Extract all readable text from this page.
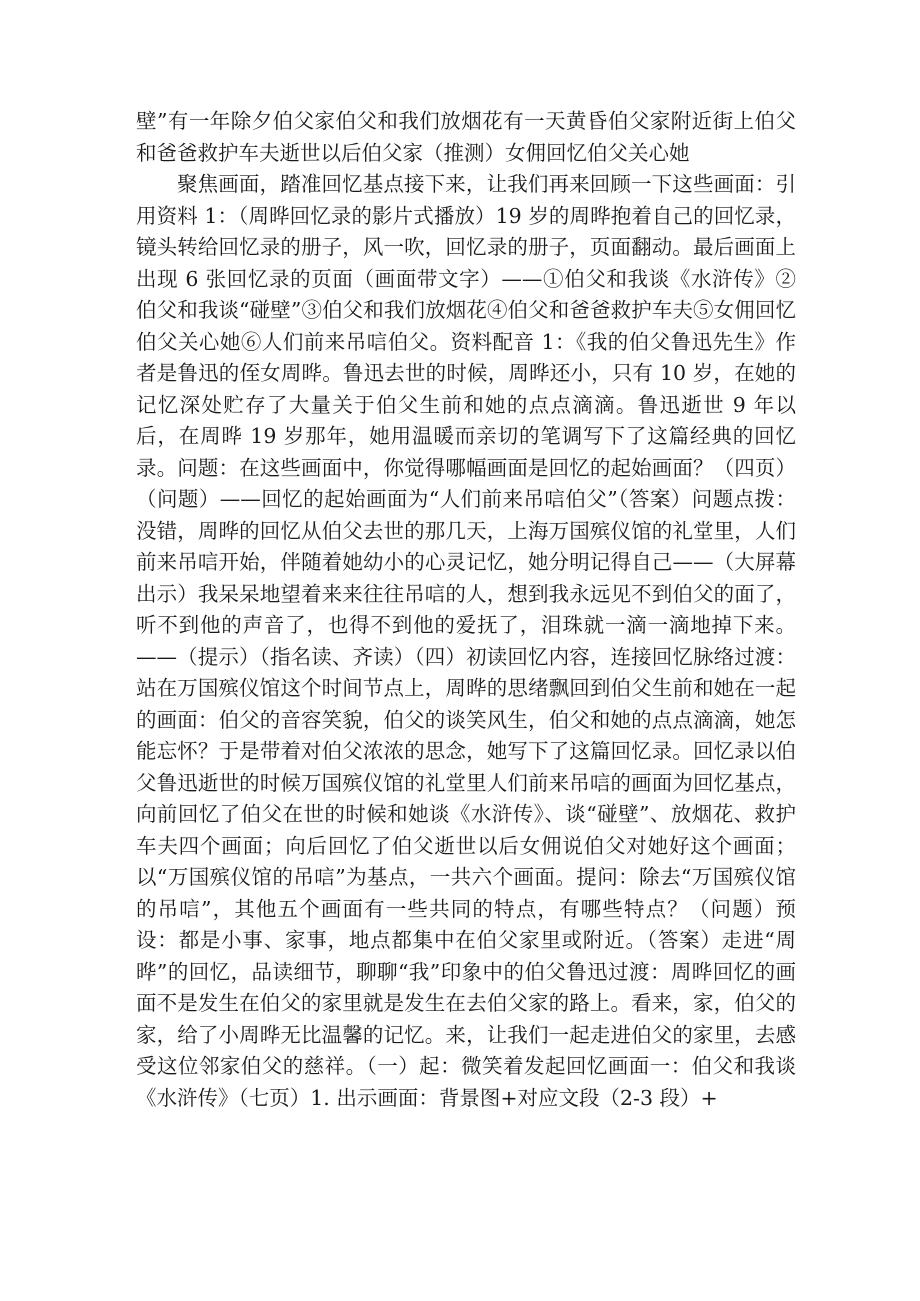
壁”有一年除夕伯父家伯父和我们放烟花有一天黄昏伯父家附近街上伯父和爸爸救护车夫逝世以后伯父家（推测）女佣回忆伯父关心她

聚焦画面，踏准回忆基点接下来，让我们再来回顾一下这些画面：引用资料 1：（周晔回忆录的影片式播放）19 岁的周晔抱着自己的回忆录，镜头转给回忆录的册子，风一吹，回忆录的册子，页面翻动。最后画面上出现 6 张回忆录的页面（画面带文字）——①伯父和我谈《水浒传》②伯父和我谈“碰壁”③伯父和我们放烟花④伯父和爸爸救护车夫⑤女佣回忆伯父关心她⑥人们前来吊唁伯父。资料配音 1：《我的伯父鲁迅先生》作者是鲁迅的侄女周晔。鲁迅去世的时候，周晔还小，只有 10 岁，在她的记忆深处贮存了大量关于伯父生前和她的点点滴滴。鲁迅逝世 9 年以后，在周晔 19 岁那年，她用温暖而亲切的笔调写下了这篇经典的回忆录。问题：在这些画面中，你觉得哪幅画面是回忆的起始画面？（四页）（问题）——回忆的起始画面为“人们前来吊唁伯父”（答案）问题点拨：没错，周晔的回忆从伯父去世的那几天，上海万国殡仪馆的礼堂里，人们前来吊唁开始，伴随着她幼小的心灵记忆，她分明记得自己——（大屏幕出示）我呆呆地望着来来往往吊唁的人，想到我永远见不到伯父的面了，听不到他的声音了，也得不到他的爱抚了，泪珠就一滴一滴地掉下来。——（提示）（指名读、齐读）（四）初读回忆内容，连接回忆脉络过渡：站在万国殡仪馆这个时间节点上，周晔的思绪飘回到伯父生前和她在一起的画面：伯父的音容笑貌，伯父的谈笑风生，伯父和她的点点滴滴，她怎能忘怀？于是带着对伯父浓浓的思念，她写下了这篇回忆录。回忆录以伯父鲁迅逝世的时候万国殡仪馆的礼堂里人们前来吊唁的画面为回忆基点，向前回忆了伯父在世的时候和她谈《水浒传》、谈“碰壁”、放烟花、救护车夫四个画面；向后回忆了伯父逝世以后女佣说伯父对她好这个画面；以“万国殡仪馆的吊唁”为基点，一共六个画面。提问：除去“万国殡仪馆的吊唁”，其他五个画面有一些共同的特点，有哪些特点？（问题）预设：都是小事、家事，地点都集中在伯父家里或附近。（答案）走进“周晔”的回忆，品读细节，聊聊“我”印象中的伯父鲁迅过渡：周晔回忆的画面不是发生在伯父的家里就是发生在去伯父家的路上。看来，家，伯父的家，给了小周晔无比温馨的记忆。来，让我们一起走进伯父的家里，去感受这位邻家伯父的慈祥。（一）起：微笑着发起回忆画面一：伯父和我谈《水浒传》（七页）1. 出示画面：背景图+对应文段（2-3 段）+
